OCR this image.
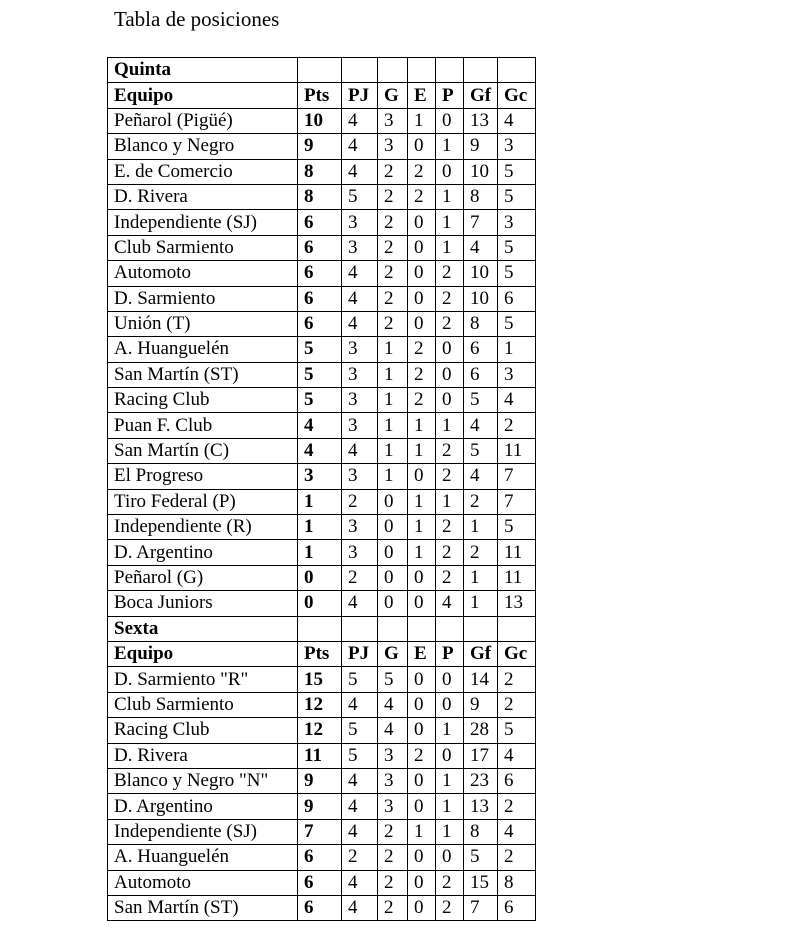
Tabla de posiciones
Quinta							
Equipo	Pts	PJ	G	E	P	Gf	Gc
Peñarol (Pigüé)	10	4	3	1	0	13	4
Blanco y Negro	9	4	3	0	1	9	3
E. de Comercio	8	4	2	2	0	10	5
D. Rivera	8	5	2	2	1	8	5
Independiente (SJ)	6	3	2	0	1	7	3
Club Sarmiento	6	3	2	0	1	4	5
Automoto	6	4	2	0	2	10	5
D. Sarmiento	6	4	2	0	2	10	6
Unión (T)	6	4	2	0	2	8	5
A. Huanguelén	5	3	1	2	0	6	1
San Martín (ST)	5	3	1	2	0	6	3
Racing Club	5	3	1	2	0	5	4
Puan F. Club	4	3	1	1	1	4	2
San Martín (C)	4	4	1	1	2	5	11
El Progreso	3	3	1	0	2	4	7
Tiro Federal (P)	1	2	0	1	1	2	7
Independiente (R)	1	3	0	1	2	1	5
D. Argentino	1	3	0	1	2	2	11
Peñarol (G)	0	2	0	0	2	1	11
Boca Juniors	0	4	0	0	4	1	13
Sexta							
Equipo	Pts	PJ	G	E	P	Gf	Gc
D. Sarmiento "R"	15	5	5	0	0	14	2
Club Sarmiento	12	4	4	0	0	9	2
Racing Club	12	5	4	0	1	28	5
D. Rivera	11	5	3	2	0	17	4
Blanco y Negro "N"	9	4	3	0	1	23	6
D. Argentino	9	4	3	0	1	13	2
Independiente (SJ)	7	4	2	1	1	8	4
A. Huanguelén	6	2	2	0	0	5	2
Automoto	6	4	2	0	2	15	8
San Martín (ST)	6	4	2	0	2	7	6
